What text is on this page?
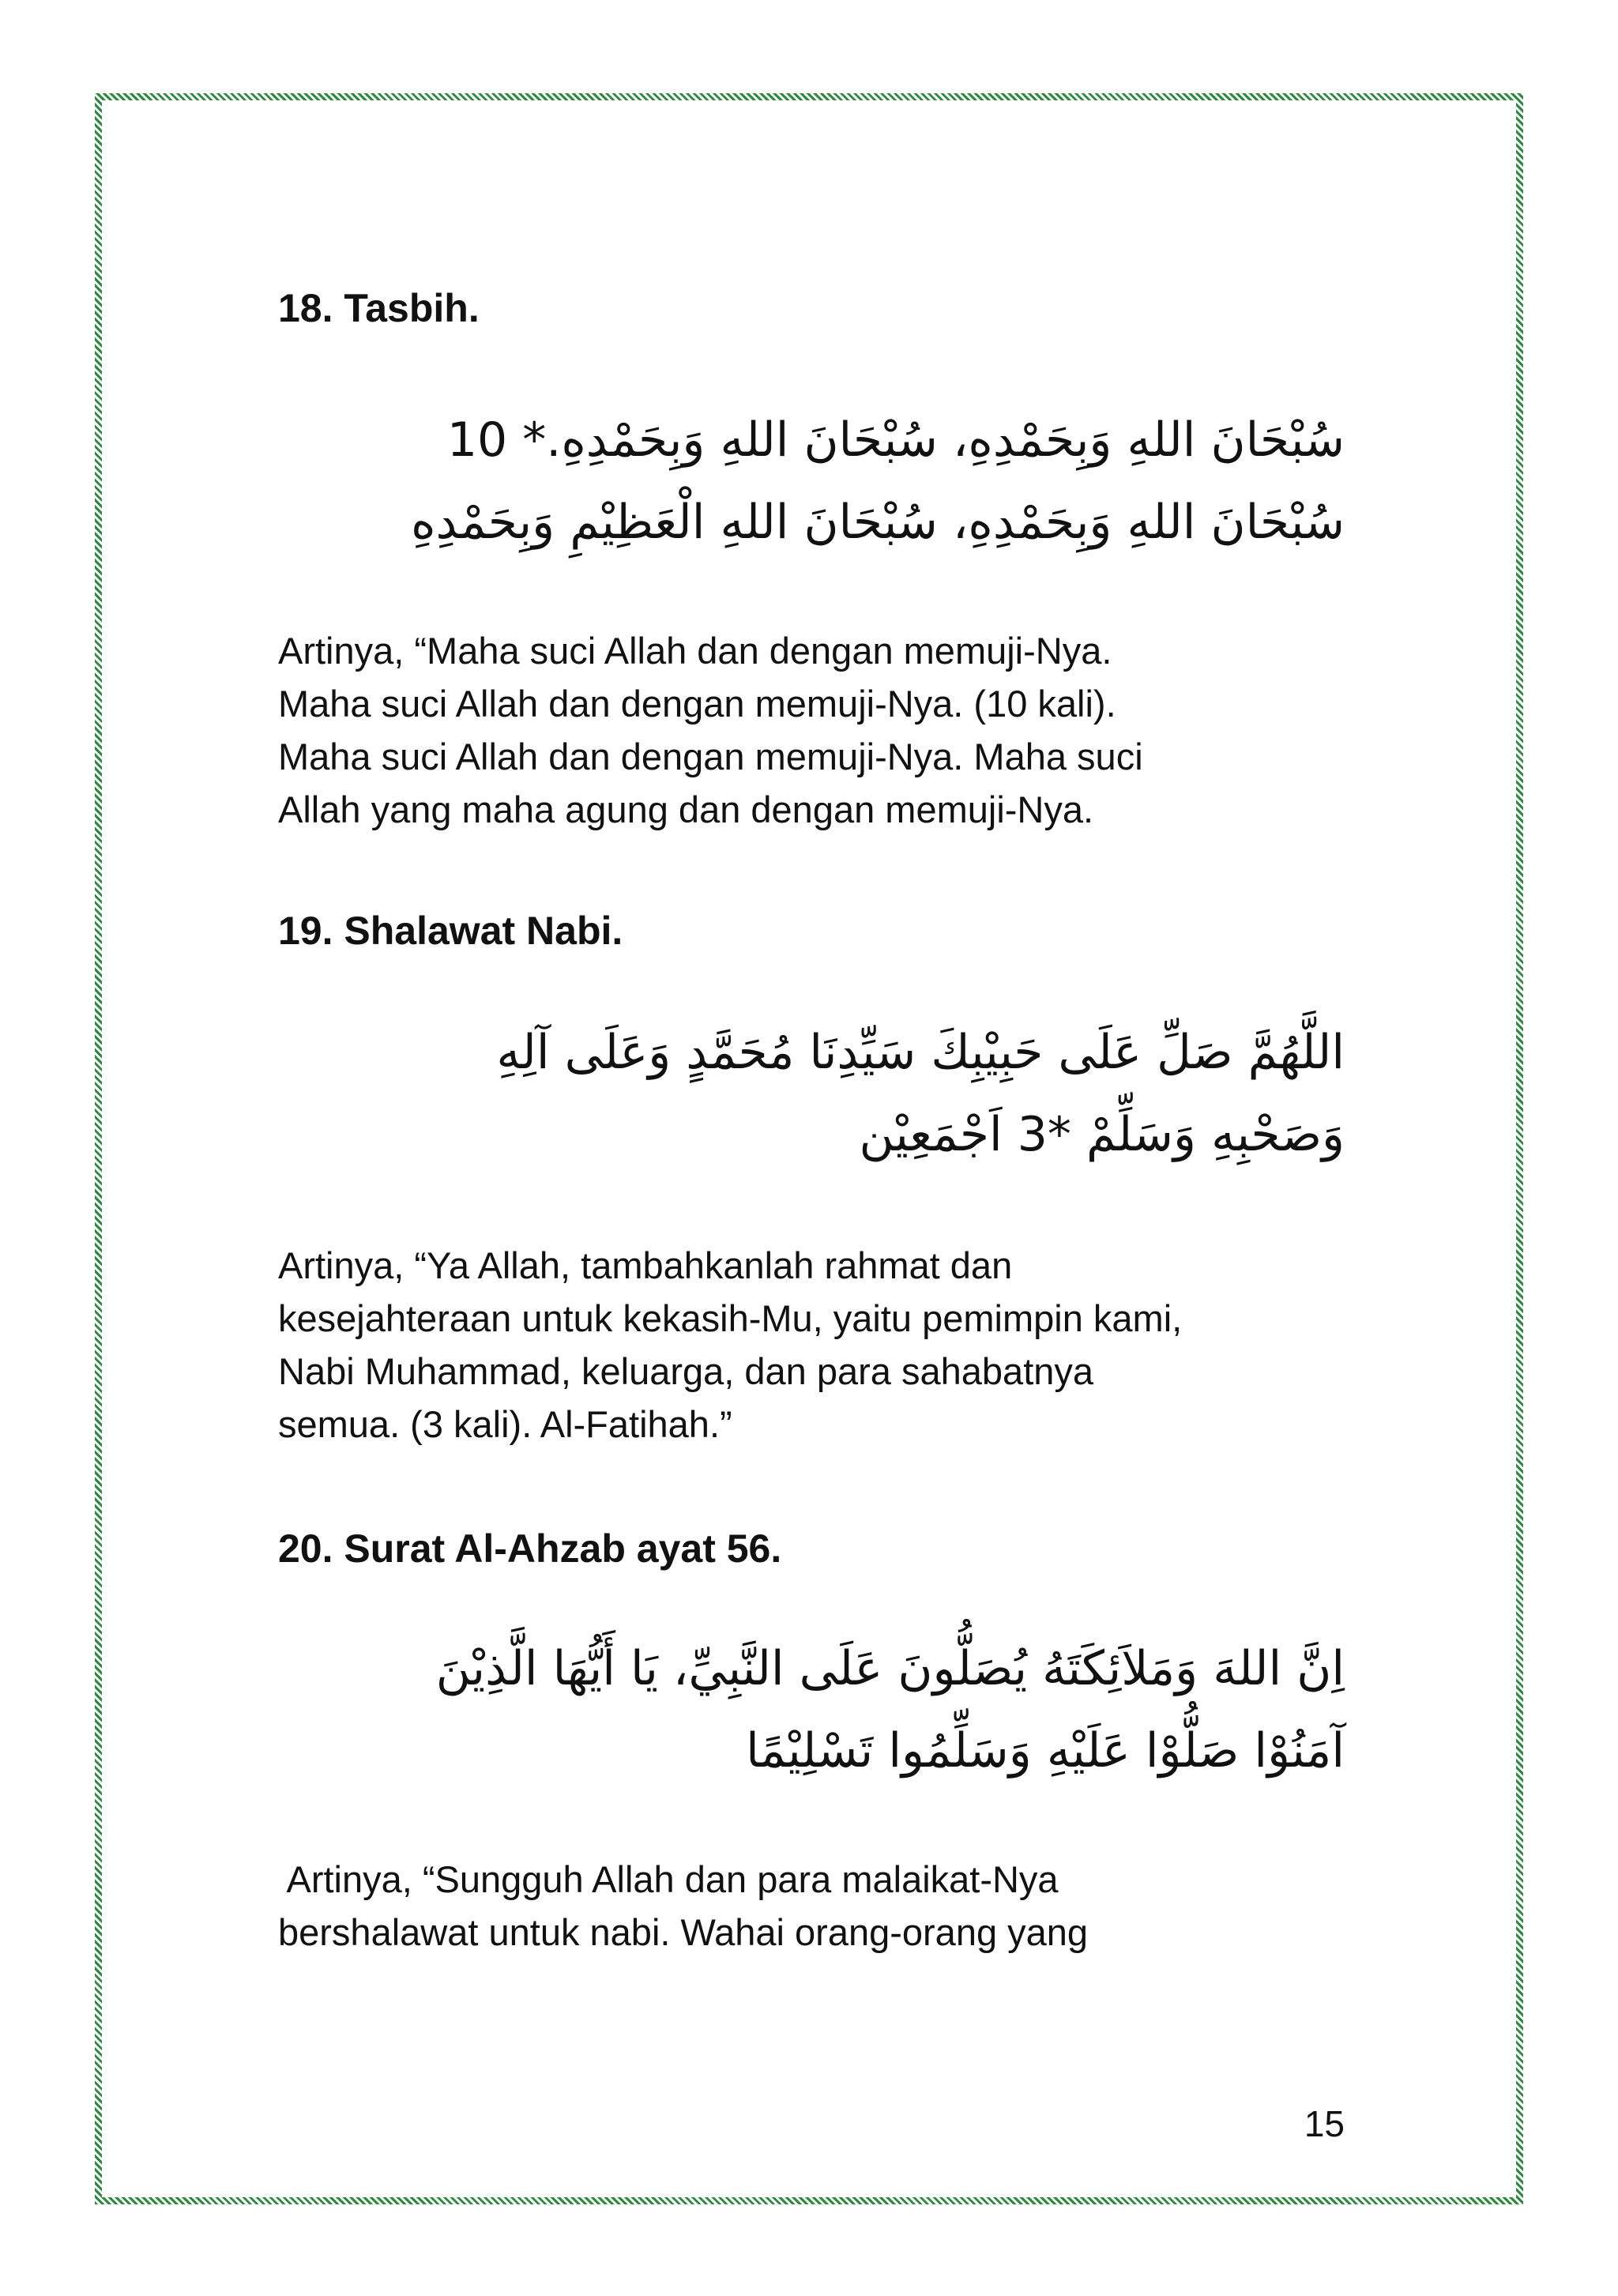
18. Tasbih.
سُبْحَانَ اللهِ وَبِحَمْدِهِ، سُبْحَانَ اللهِ وَبِحَمْدِهِ.* 10
سُبْحَانَ اللهِ وَبِحَمْدِهِ، سُبْحَانَ اللهِ الْعَظِيْمِ وَبِحَمْدِهِ
Artinya, “Maha suci Allah dan dengan memuji-Nya.
Maha suci Allah dan dengan memuji-Nya. (10 kali).
Maha suci Allah dan dengan memuji-Nya. Maha suci
Allah yang maha agung dan dengan memuji-Nya.
19. Shalawat Nabi.
اللَّهُمَّ صَلِّ عَلَى حَبِيْبِكَ سَيِّدِنَا مُحَمَّدٍ وَعَلَى آلِهِ
وَصَحْبِهِ وَسَلِّمْ *3 اَجْمَعِيْن
Artinya, “Ya Allah, tambahkanlah rahmat dan
kesejahteraan untuk kekasih-Mu, yaitu pemimpin kami,
Nabi Muhammad, keluarga, dan para sahabatnya
semua. (3 kali). Al-Fatihah.”
20. Surat Al-Ahzab ayat 56.
اِنَّ اللهَ وَمَلاَئِكَتَهُ يُصَلُّونَ عَلَى النَّبِيِّ، يَا أَيُّهَا الَّذِيْنَ
آمَنُوْا صَلُّوْا عَلَيْهِ وَسَلِّمُوا تَسْلِيْمًا
Artinya, “Sungguh Allah dan para malaikat-Nya
bershalawat untuk nabi. Wahai orang-orang yang
15
